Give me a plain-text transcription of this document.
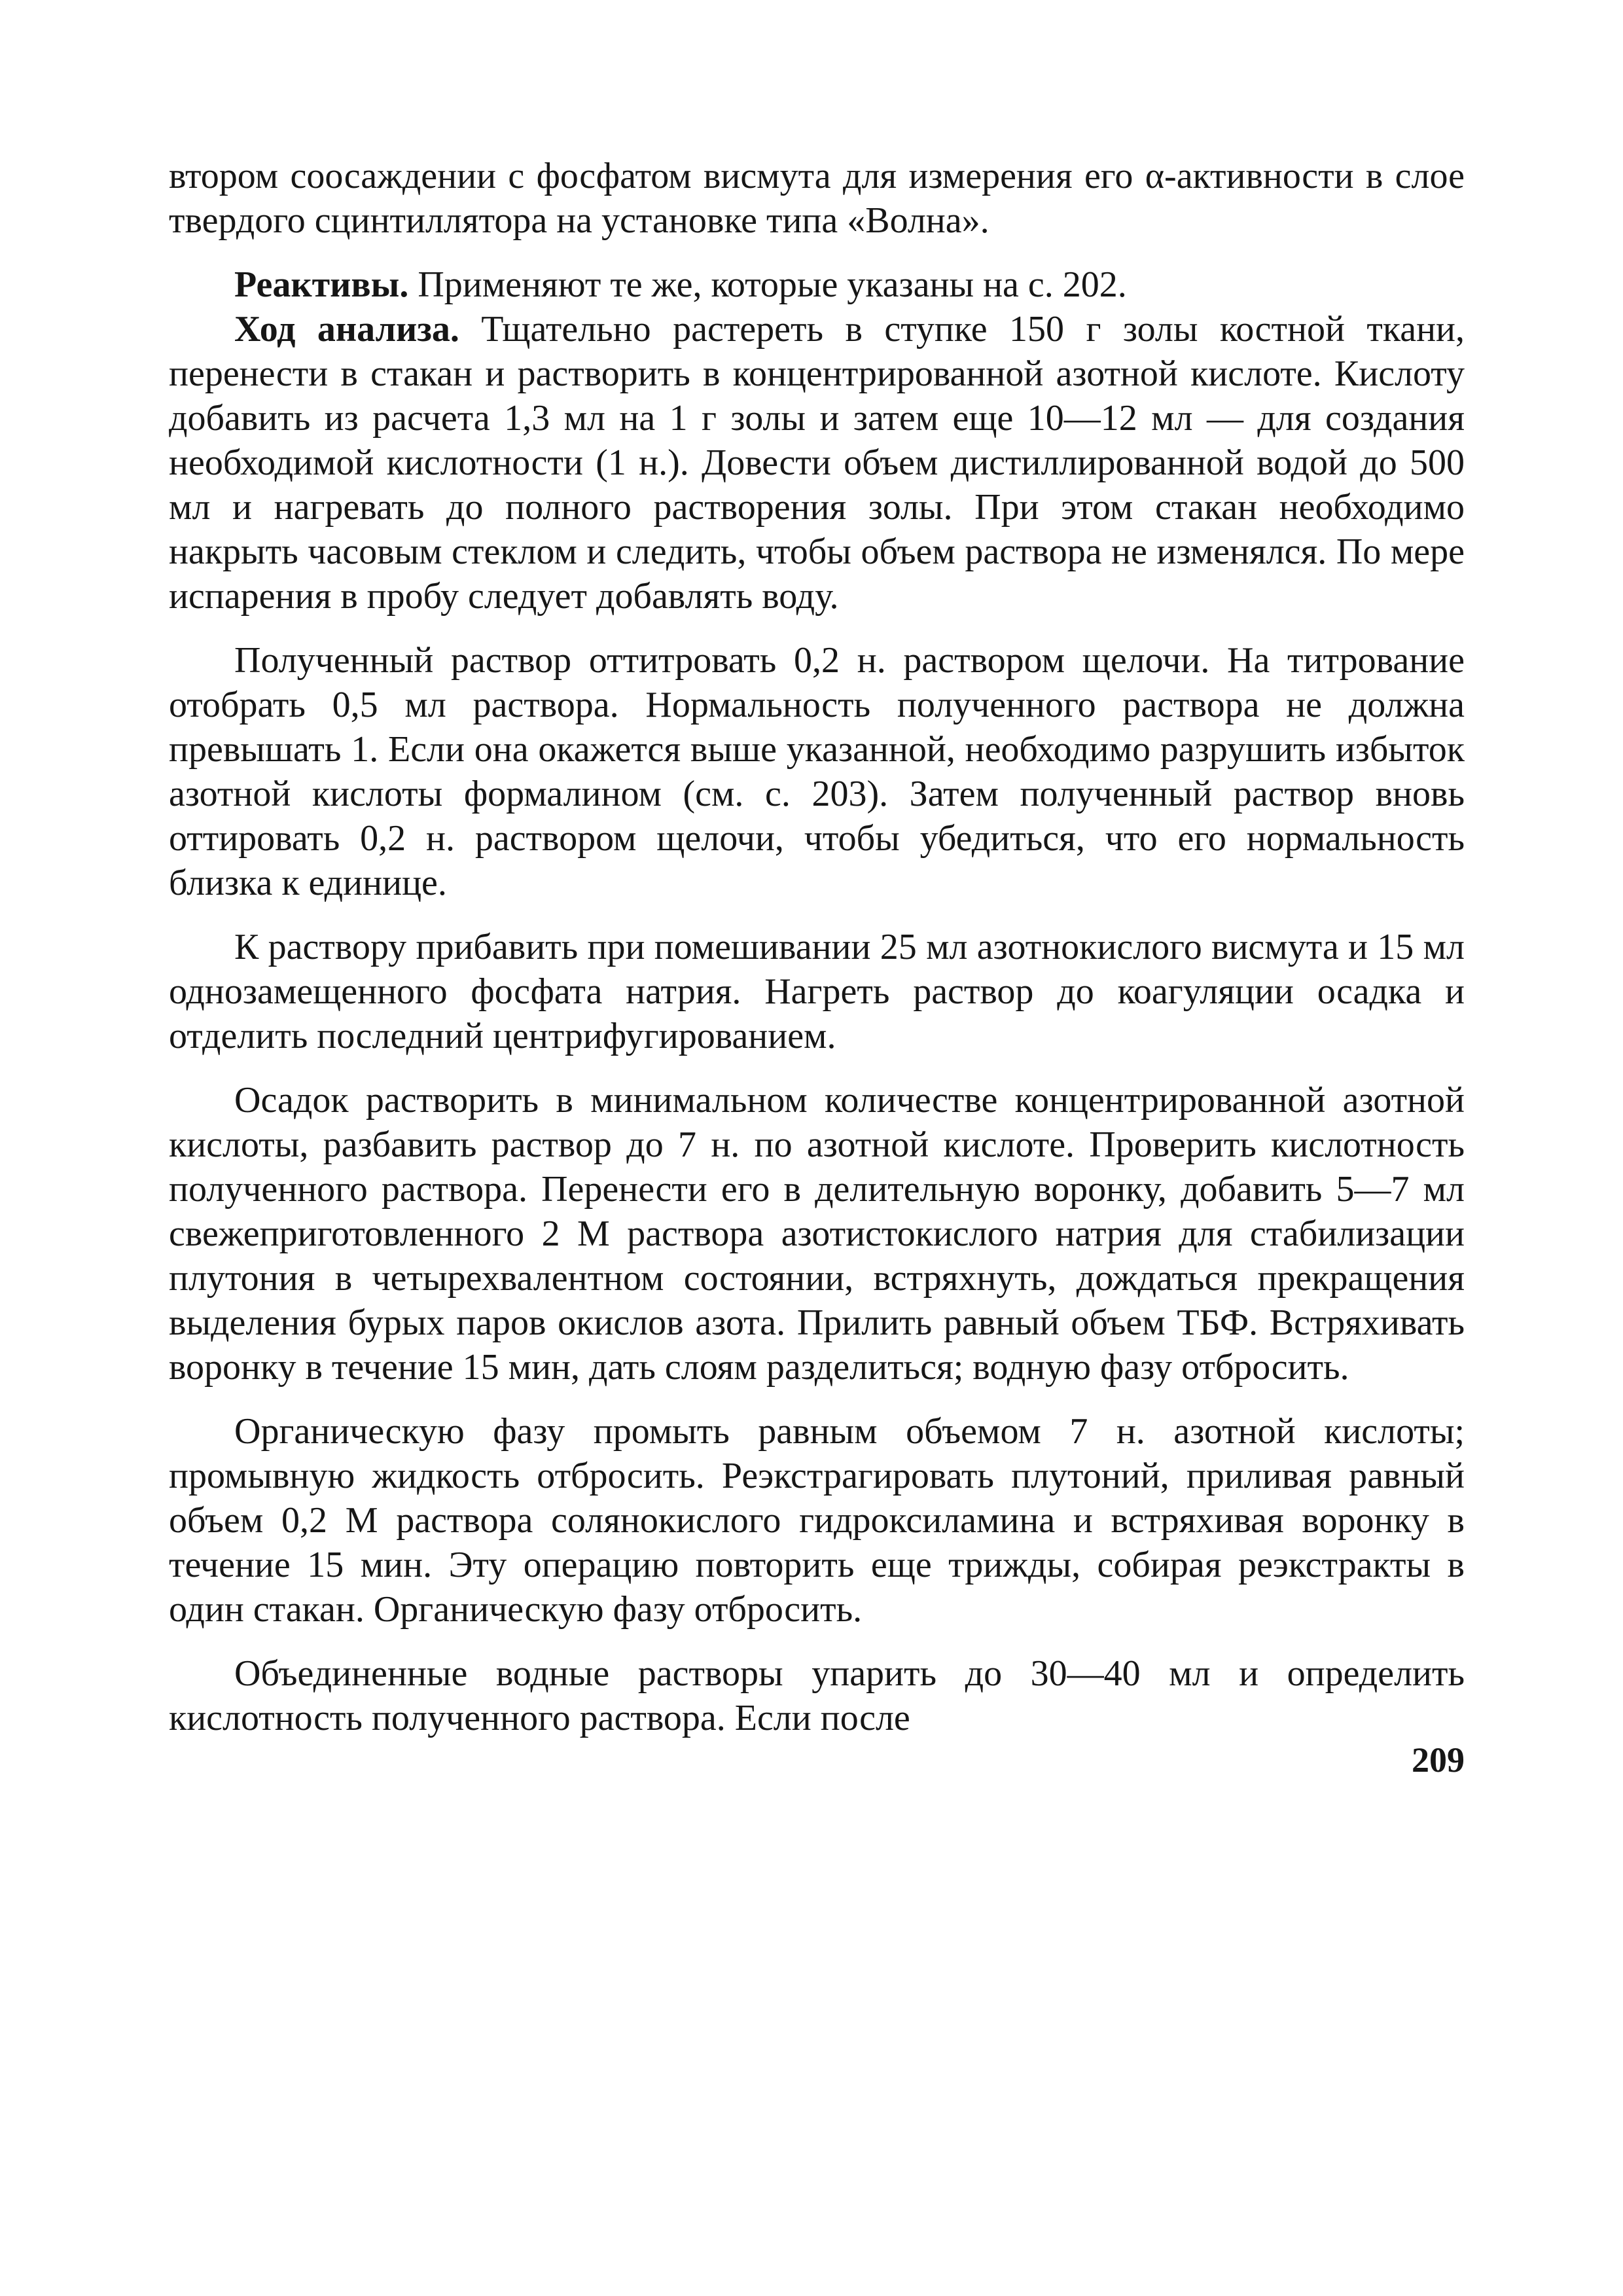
втором соосаждении с фосфатом висмута для измерения его α-активности в слое твердого сцинтиллятора на установке типа «Волна».

Реактивы. Применяют те же, которые указаны на с. 202.

Ход анализа. Тщательно растереть в ступке 150 г золы костной ткани, перенести в стакан и растворить в концентрированной азотной кислоте. Кислоту добавить из расчета 1,3 мл на 1 г золы и затем еще 10—12 мл — для создания необходимой кислотности (1 н.). Довести объем дистиллированной водой до 500 мл и нагревать до полного растворения золы. При этом стакан необходимо накрыть часовым стеклом и следить, чтобы объем раствора не изменялся. По мере испарения в пробу следует добавлять воду.

Полученный раствор оттитровать 0,2 н. раствором щелочи. На титрование отобрать 0,5 мл раствора. Нормальность полученного раствора не должна превышать 1. Если она окажется выше указанной, необходимо разрушить избыток азотной кислоты формалином (см. с. 203). Затем полученный раствор вновь оттировать 0,2 н. раствором щелочи, чтобы убедиться, что его нормальность близка к единице.

К раствору прибавить при помешивании 25 мл азотнокислого висмута и 15 мл однозамещенного фосфата натрия. Нагреть раствор до коагуляции осадка и отделить последний центрифугированием.

Осадок растворить в минимальном количестве концентрированной азотной кислоты, разбавить раствор до 7 н. по азотной кислоте. Проверить кислотность полученного раствора. Перенести его в делительную воронку, добавить 5—7 мл свежеприготовленного 2 М раствора азотистокислого натрия для стабилизации плутония в четырехвалентном состоянии, встряхнуть, дождаться прекращения выделения бурых паров окислов азота. Прилить равный объем ТБФ. Встряхивать воронку в течение 15 мин, дать слоям разделиться; водную фазу отбросить.

Органическую фазу промыть равным объемом 7 н. азотной кислоты; промывную жидкость отбросить. Реэкстрагировать плутоний, приливая равный объем 0,2 М раствора солянокислого гидроксиламина и встряхивая воронку в течение 15 мин. Эту операцию повторить еще трижды, собирая реэкстракты в один стакан. Органическую фазу отбросить.

Объединенные водные растворы упарить до 30—40 мл и определить кислотность полученного раствора. Если после

209
